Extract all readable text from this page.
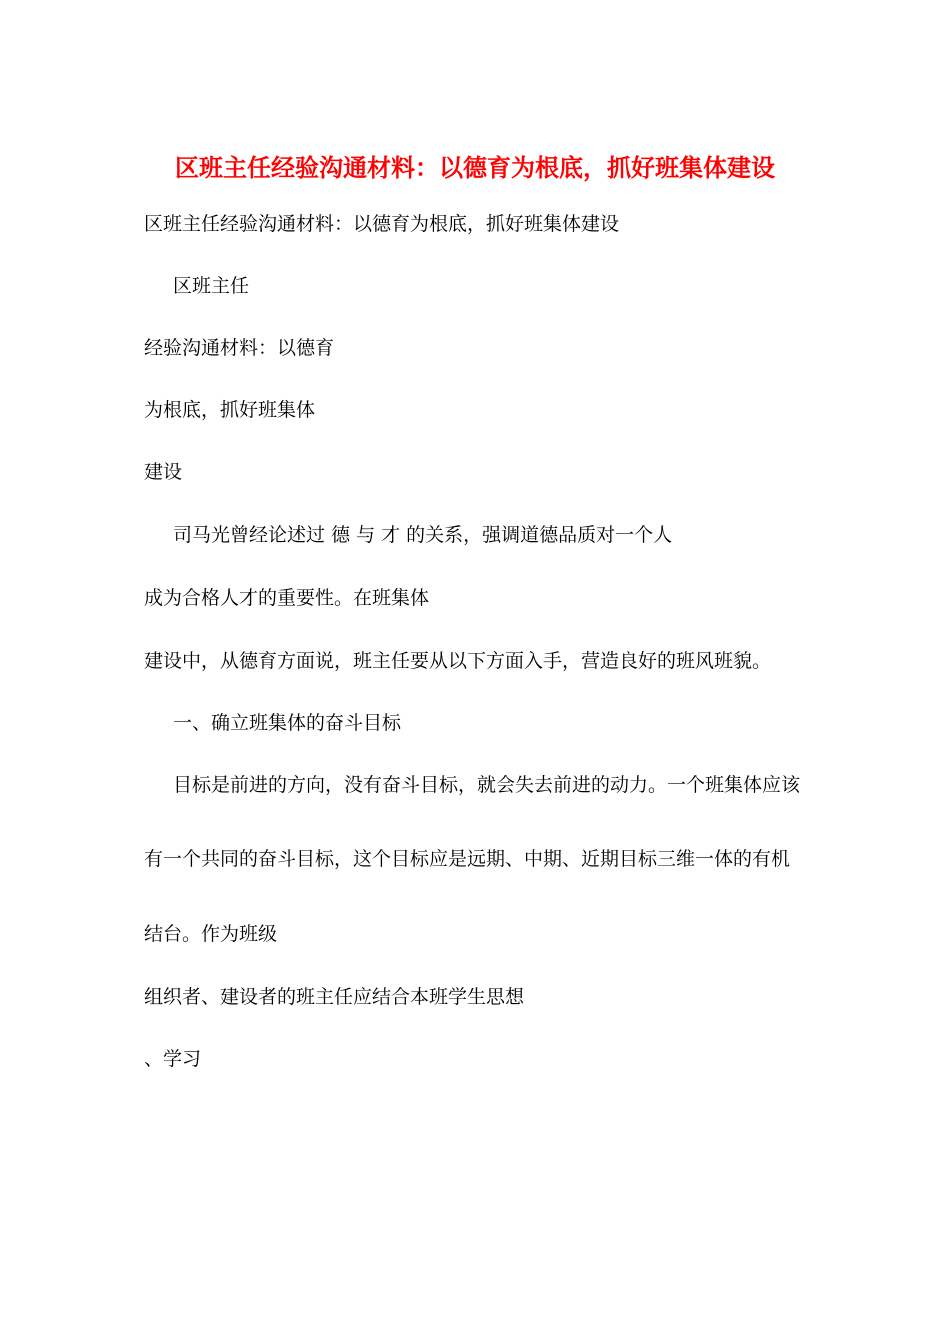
区班主任经验沟通材料：以德育为根底，抓好班集体建设
区班主任经验沟通材料：以德育为根底，抓好班集体建设
区班主任
经验沟通材料：以德育
为根底，抓好班集体
建设
司马光曾经论述过 德 与 才 的关系，强调道德品质对一个人
成为合格人才的重要性。在班集体
建设中，从德育方面说，班主任要从以下方面入手，营造良好的班风班貌。
一、确立班集体的奋斗目标
目标是前进的方向，没有奋斗目标，就会失去前进的动力。一个班集体应该
有一个共同的奋斗目标，这个目标应是远期、中期、近期目标三维一体的有机
结台。作为班级
组织者、建设者的班主任应结合本班学生思想
、学习
